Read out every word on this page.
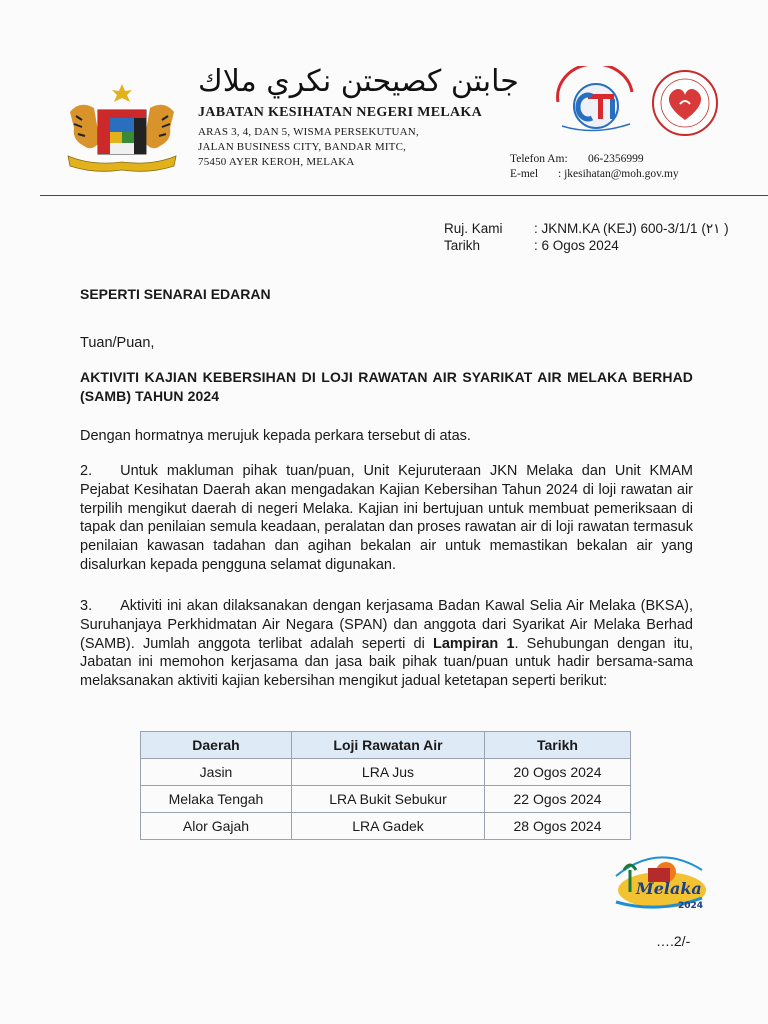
جابتن كصيحتن نكري ملاك
JABATAN KESIHATAN NEGERI MELAKA
ARAS 3, 4, DAN 5, WISMA PERSEKUTUAN,
JALAN BUSINESS CITY, BANDAR MITC,
75450 AYER KEROH, MELAKA	Telefon Am: 06-2356999
E-mel : jkesihatan@moh.gov.my
Ruj. Kami : JKNM.KA (KEJ) 600-3/1/1 (٢١ )
Tarikh	: 6 Ogos 2024
SEPERTI SENARAI EDARAN
Tuan/Puan,
AKTIVITI KAJIAN KEBERSIHAN DI LOJI RAWATAN AIR SYARIKAT AIR MELAKA BERHAD (SAMB) TAHUN 2024
Dengan hormatnya merujuk kepada perkara tersebut di atas.
2. Untuk makluman pihak tuan/puan, Unit Kejuruteraan JKN Melaka dan Unit KMAM Pejabat Kesihatan Daerah akan mengadakan Kajian Kebersihan Tahun 2024 di loji rawatan air terpilih mengikut daerah di negeri Melaka. Kajian ini bertujuan untuk membuat pemeriksaan di tapak dan penilaian semula keadaan, peralatan dan proses rawatan air di loji rawatan termasuk penilaian kawasan tadahan dan agihan bekalan air untuk memastikan bekalan air yang disalurkan kepada pengguna selamat digunakan.
3. Aktiviti ini akan dilaksanakan dengan kerjasama Badan Kawal Selia Air Melaka (BKSA), Suruhanjaya Perkhidmatan Air Negara (SPAN) dan anggota dari Syarikat Air Melaka Berhad (SAMB). Jumlah anggota terlibat adalah seperti di Lampiran 1. Sehubungan dengan itu, Jabatan ini memohon kerjasama dan jasa baik pihak tuan/puan untuk hadir bersama-sama melaksanakan aktiviti kajian kebersihan mengikut jadual ketetapan seperti berikut:
Daerah	Loji Rawatan Air	Tarikh
Jasin	LRA Jus	20 Ogos 2024
Melaka Tengah	LRA Bukit Sebukur	22 Ogos 2024
Alor Gajah	LRA Gadek	28 Ogos 2024
Melaka
2024
….2/-
